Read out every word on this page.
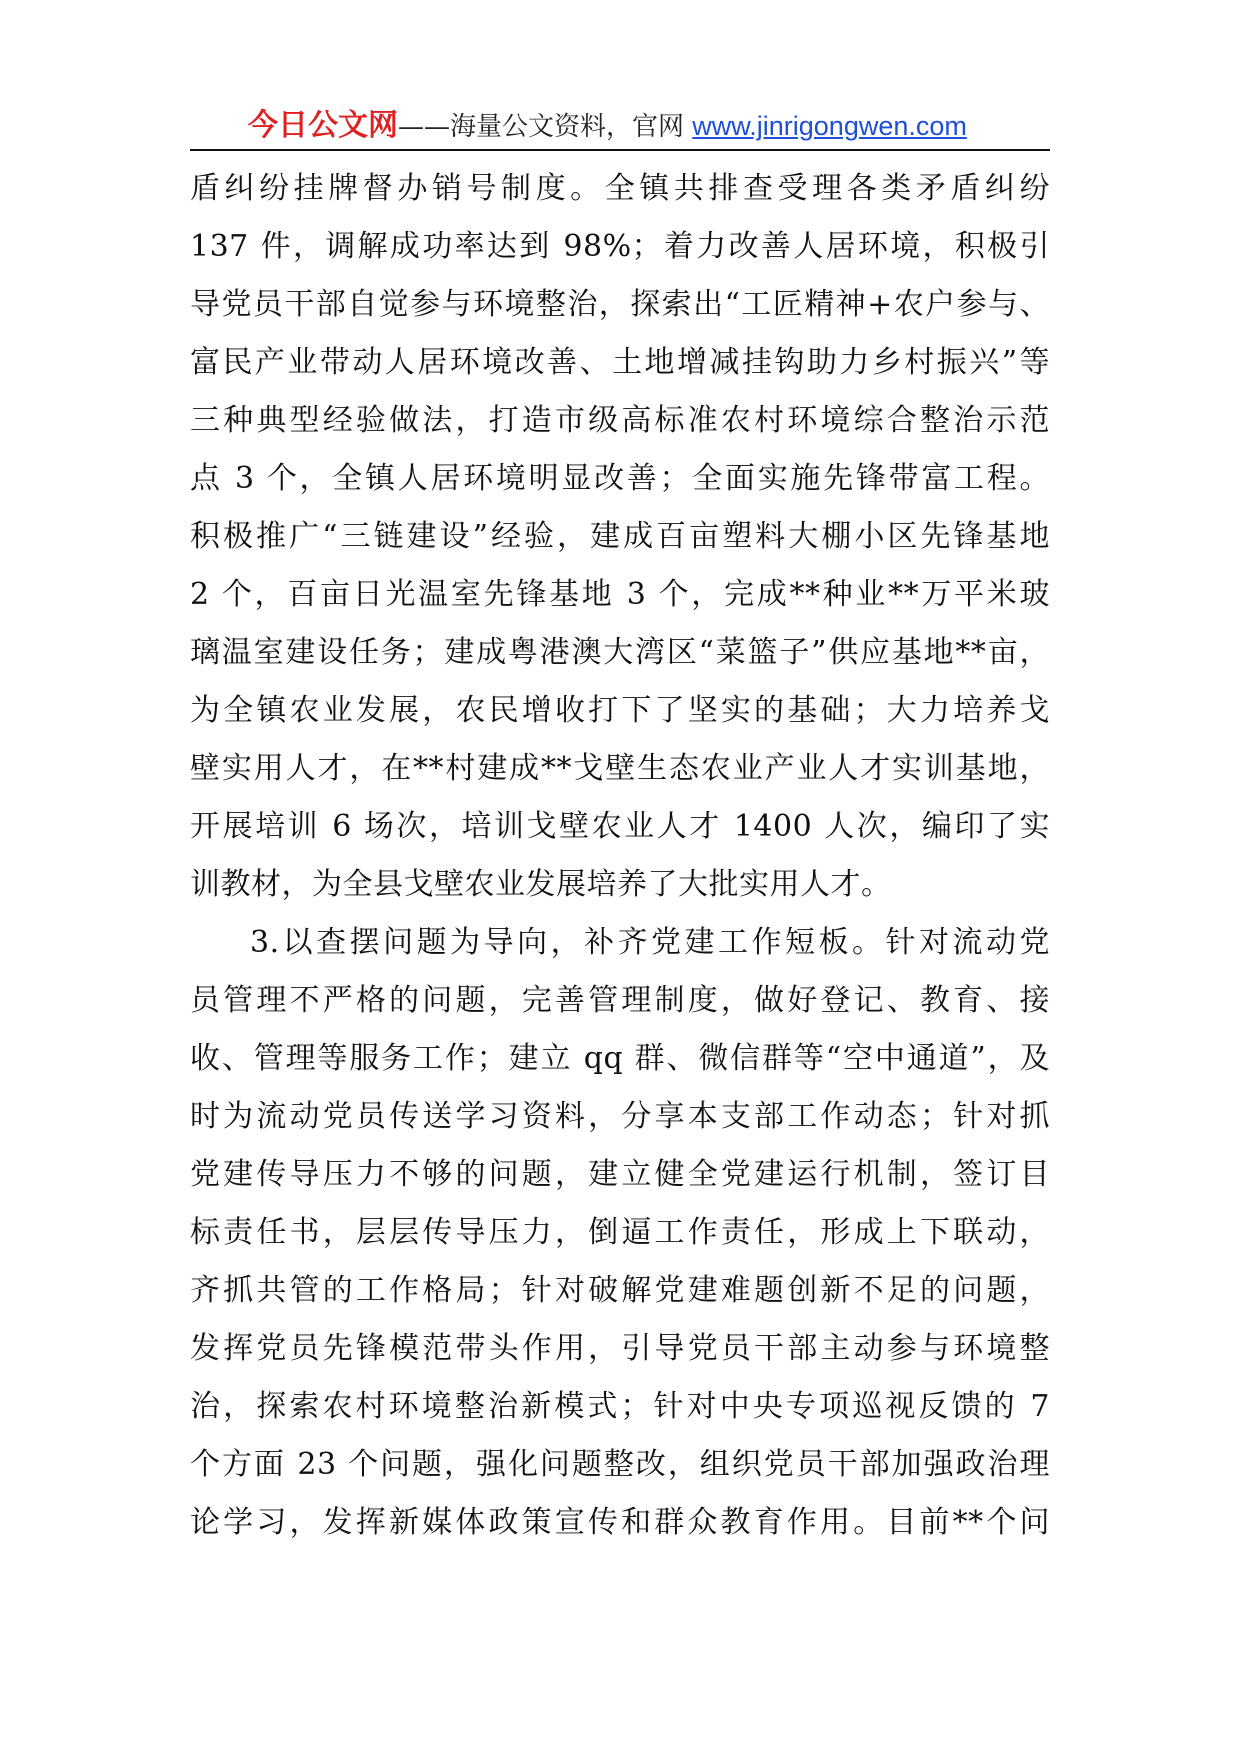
今日公文网——海量公文资料，官网 www.jinrigongwen.com
盾纠纷挂牌督办销号制度。全镇共排查受理各类矛盾纠纷
137 件，调解成功率达到 98%；着力改善人居环境，积极引
导党员干部自觉参与环境整治，探索出“工匠精神+农户参与、
富民产业带动人居环境改善、土地增减挂钩助力乡村振兴”等
三种典型经验做法，打造市级高标准农村环境综合整治示范
点 3 个，全镇人居环境明显改善；全面实施先锋带富工程。
积极推广“三链建设”经验，建成百亩塑料大棚小区先锋基地
2 个，百亩日光温室先锋基地 3 个，完成**种业**万平米玻
璃温室建设任务；建成粤港澳大湾区“菜篮子”供应基地**亩，
为全镇农业发展，农民增收打下了坚实的基础；大力培养戈
壁实用人才，在**村建成**戈壁生态农业产业人才实训基地，
开展培训 6 场次，培训戈壁农业人才 1400 人次，编印了实
训教材，为全县戈壁农业发展培养了大批实用人才。
3.以查摆问题为导向，补齐党建工作短板。针对流动党
员管理不严格的问题，完善管理制度，做好登记、教育、接
收、管理等服务工作；建立 qq 群、微信群等“空中通道”，及
时为流动党员传送学习资料，分享本支部工作动态；针对抓
党建传导压力不够的问题，建立健全党建运行机制，签订目
标责任书，层层传导压力，倒逼工作责任，形成上下联动，
齐抓共管的工作格局；针对破解党建难题创新不足的问题，
发挥党员先锋模范带头作用，引导党员干部主动参与环境整
治，探索农村环境整治新模式；针对中央专项巡视反馈的 7
个方面 23 个问题，强化问题整改，组织党员干部加强政治理
论学习，发挥新媒体政策宣传和群众教育作用。目前**个问
